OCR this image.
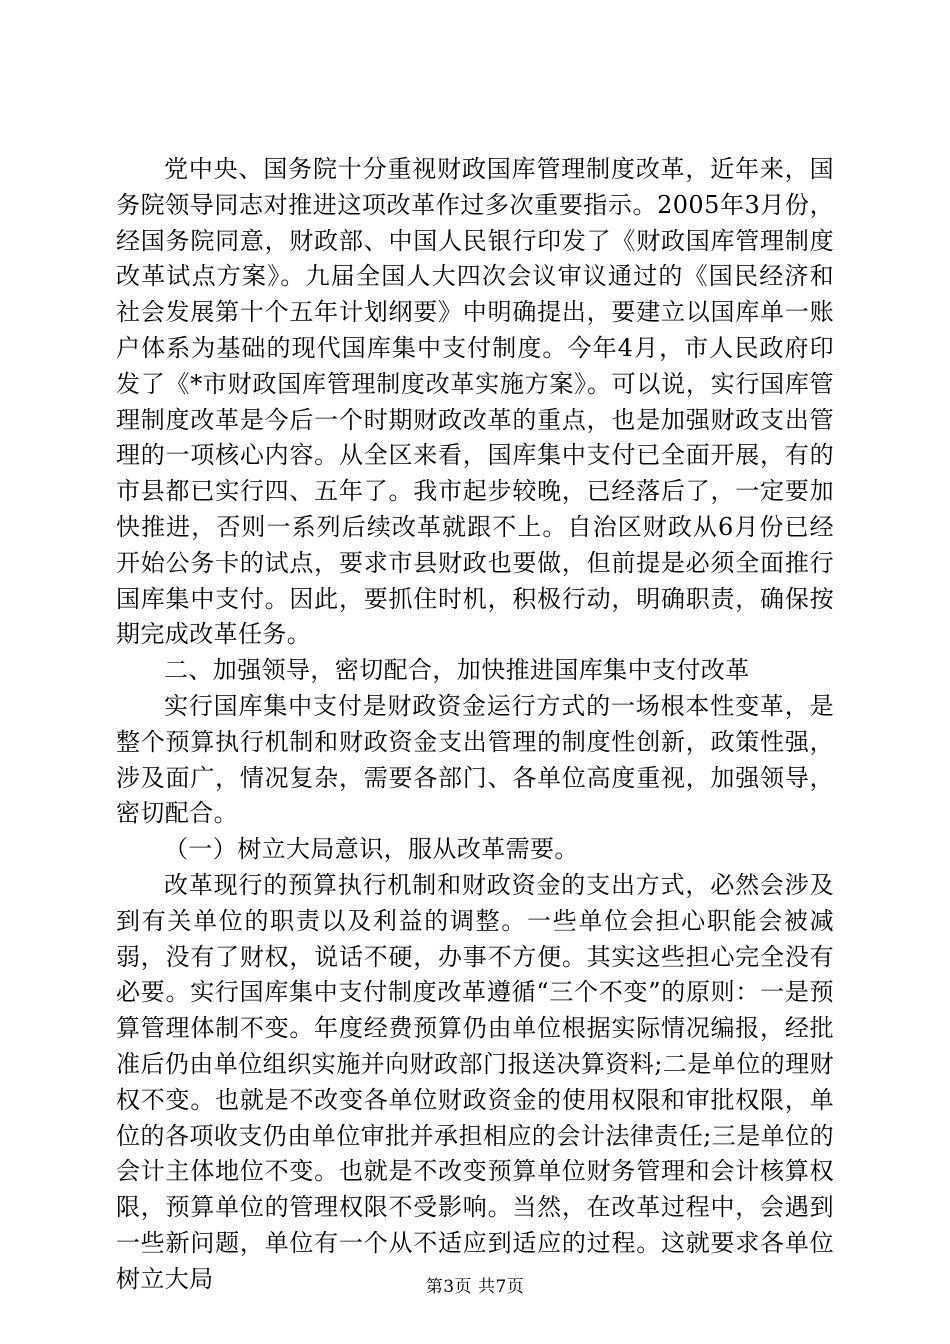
党中央、国务院十分重视财政国库管理制度改革，近年来，国务院领导同志对推进这项改革作过多次重要指示。2005年3月份，经国务院同意，财政部、中国人民银行印发了《财政国库管理制度改革试点方案》。九届全国人大四次会议审议通过的《国民经济和社会发展第十个五年计划纲要》中明确提出，要建立以国库单一账户体系为基础的现代国库集中支付制度。今年4月，市人民政府印发了《*市财政国库管理制度改革实施方案》。可以说，实行国库管理制度改革是今后一个时期财政改革的重点，也是加强财政支出管理的一项核心内容。从全区来看，国库集中支付已全面开展，有的市县都已实行四、五年了。我市起步较晚，已经落后了，一定要加快推进，否则一系列后续改革就跟不上。自治区财政从6月份已经开始公务卡的试点，要求市县财政也要做，但前提是必须全面推行国库集中支付。因此，要抓住时机，积极行动，明确职责，确保按期完成改革任务。

二、加强领导，密切配合，加快推进国库集中支付改革

实行国库集中支付是财政资金运行方式的一场根本性变革，是整个预算执行机制和财政资金支出管理的制度性创新，政策性强，涉及面广，情况复杂，需要各部门、各单位高度重视，加强领导，密切配合。

（一）树立大局意识，服从改革需要。

改革现行的预算执行机制和财政资金的支出方式，必然会涉及到有关单位的职责以及利益的调整。一些单位会担心职能会被减弱，没有了财权，说话不硬，办事不方便。其实这些担心完全没有必要。实行国库集中支付制度改革遵循“三个不变”的原则：一是预算管理体制不变。年度经费预算仍由单位根据实际情况编报，经批准后仍由单位组织实施并向财政部门报送决算资料;二是单位的理财权不变。也就是不改变各单位财政资金的使用权限和审批权限，单位的各项收支仍由单位审批并承担相应的会计法律责任;三是单位的会计主体地位不变。也就是不改变预算单位财务管理和会计核算权限，预算单位的管理权限不受影响。当然，在改革过程中，会遇到一些新问题，单位有一个从不适应到适应的过程。这就要求各单位树立大局	第3页 共7页
